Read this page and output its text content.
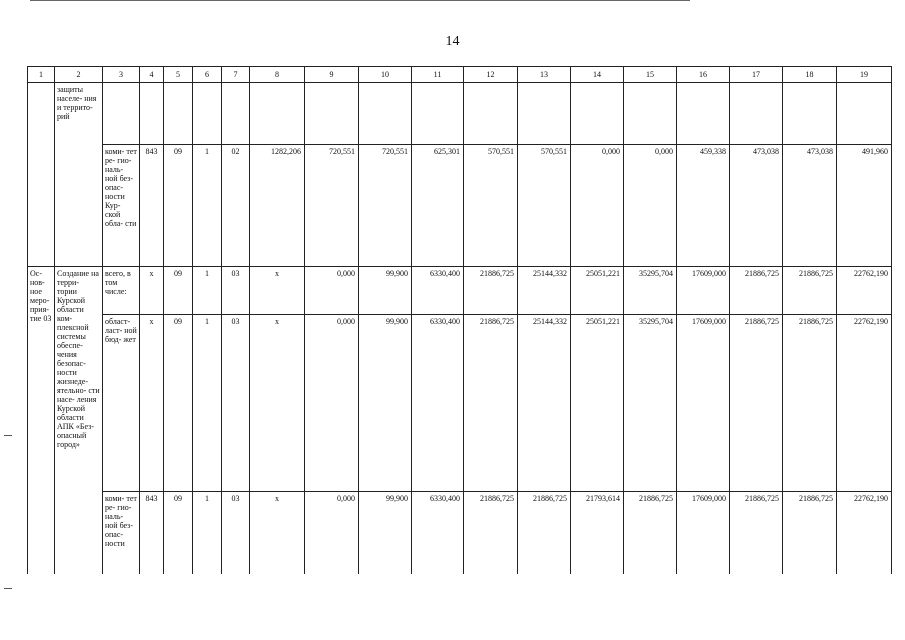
14
1	2	3	4	5	6	7	8	9	10	11	12	13	14	15	16	17	18	19
	защиты населе- ния и террито- рий																	
		коми- тет ре- гио- наль- ной без- опас- ности Кур- ской обла- сти	843	09	1	02	1282,206	720,551	720,551	625,301	570,551	570,551	0,000	0,000	459,338	473,038	473,038	491,960
Ос- нов- ное меро- прия- тие 03	Создание на терри- тории Курской области ком- плексной системы обеспе- чения безопас- ности жизнеде- ятельно- сти насе- ления Курской области АПК «Без- опасный город»	всего, в том числе:	x	09	1	03	x	0,000	99,900	6330,400	21886,725	25144,332	25051,221	35295,704	17609,000	21886,725	21886,725	22762,190
		област- ласт- ной бюд- жет	x	09	1	03	x	0,000	99,900	6330,400	21886,725	25144,332	25051,221	35295,704	17609,000	21886,725	21886,725	22762,190
		коми- тет ре- гио- наль- ной без- опас- ности	843	09	1	03	x	0,000	99,900	6330,400	21886,725	21886,725	21793,614	21886,725	17609,000	21886,725	21886,725	22762,190
